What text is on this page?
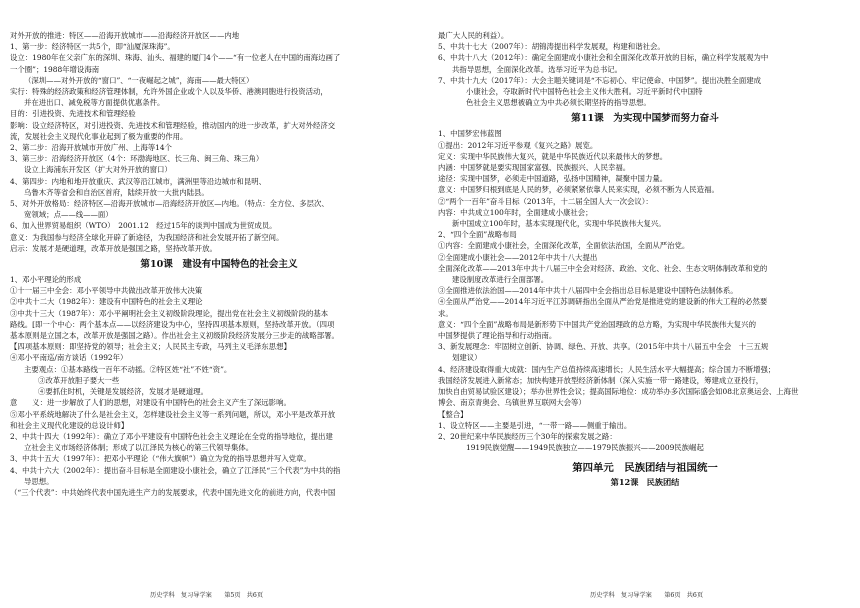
对外开放的推进：特区——沿海开放城市——沿海经济开放区——内地

1、第一步：经济特区一共5个，即“汕厦深珠海”。

设立：1980年在父亲广东的深圳、珠海、汕头、福建的厦门4个——“有一位老人在中国的南海边画了

一个圈”；1988年增设海南

（深圳——对外开放的“窗口”、“一夜崛起之城”，海南——最大特区）

实行：特殊的经济政策和经济管理体制，允许外国企业或个人以及华侨、港澳同胞进行投资活动，

并在进出口、减免税等方面提供优惠条件。

目的：引进投资、先进技术和管理经验

影响：设立经济特区，对引进投资、先进技术和管理经验，推动国内的进一步改革，扩大对外经济交

流，发展社会主义现代化事业起到了极为重要的作用。

2、第二步：沿海开放城市开放广州、上海等14个

3、第三步：沿海经济开放区（4个：环渤海地区、长三角、闽三角、珠三角）

设立上海浦东开发区（扩大对外开放的窗口）

4、第四步：内地和地开放重庆、武汉等沿江城市，满洲里等沿边城市和昆明、

乌鲁木齐等省会和自治区首府，陆续开放一大批内陆县。

5、对外开放格局：经济特区—沿海开放城市—沿海经济开放区—内地。（特点：全方位、多层次、

宽领域；点——线——面）

6、加入世界贸易组织（WTO）　2001.12　经过15年的谈判中国成为世贸成员。

意义：为我国参与经济全球化开辟了新途径，为我国经济和社会发展开拓了新空间。

启示：发展才是硬道理，改革开放是强国之路，坚持改革开放。

第10课　建设有中国特色的社会主义

1、邓小平理论的形成

①十一届三中全会：邓小平领导中共做出改革开放伟大决策

②中共十二大（1982年）：建设有中国特色的社会主义理论

③中共十三大（1987年）：邓小平阐明社会主义初级阶段理论，提出党在社会主义初级阶段的基本

路线。[即一个中心：两个基本点——以经济建设为中心，坚持四项基本原则，坚持改革开放。（四项

基本原则是立国之本，改革开放是强国之路）。作出社会主义初级阶段经济发展分三步走的战略部署。

【四项基本原则：即坚持党的领导；社会主义；人民民主专政，马列主义毛泽东思想】

④邓小平南巡/南方谈话（1992年）

主要观点：①基本路线一百年不动摇。②特区姓“社”不姓“资”。

③改革开放胆子要大一些

④要抓住时机，关键是发展经济，发展才是硬道理。

意　　义：进一步解放了人们的思想，对建设有中国特色的社会主义产生了深远影响。

⑤邓小平系统地解决了什么是社会主义，怎样建设社会主义等一系列问题，所以，邓小平是改革开放

和社会主义现代化建设的总设计师】

2、中共十四大（1992年）：确立了邓小平建设有中国特色社会主义理论在全党的指导地位，提出建

立社会主义市场经济体制；形成了以江泽民为核心的第三代领导集体。

3、中共十五大（1997年）：把邓小平理论（“伟大旗帜”）确立为党的指导思想并写入党章。

4、中共十六大（2002年）：提出奋斗目标是全面建设小康社会，确立了江泽民“三个代表”为中共的指

导思想。

（“三个代表”：中共始终代表中国先进生产力的发展要求，代表中国先进文化的前进方向，代表中国

最广大人民的利益）。

5、中共十七大（2007年）：胡锦涛提出科学发展观，构建和谐社会。

6、中共十八大（2012年）：确定全面建成小康社会和全面深化改革开放的目标，确立科学发展观为中

共指导思想，全面深化改革。选举习近平为总书记。

7、中共十九大（2017年）：大会主题关键词是“不忘初心、牢记使命、中国梦”。提出决胜全面建成

小康社会，夺取新时代中国特色社会主义伟大胜利。习近平新时代中国特

色社会主义思想被确立为中共必须长期坚持的指导思想。

第11课　为实现中国梦而努力奋斗

1、中国梦宏伟蓝图

①提出：2012年习近平参观《复兴之路》展览。

定义：实现中华民族伟大复兴，就是中华民族近代以来最伟大的梦想。

内涵：中国梦就是要实现国家富强、民族振兴、人民幸福。

途径：实现中国梦，必须走中国道路，弘扬中国精神，凝聚中国力量。

意义：中国梦归根到底是人民的梦，必须紧紧依靠人民来实现，必须不断为人民造福。

②“两个一百年”奋斗目标（2013年，十二届全国人大一次会议）：

内容：中共成立100年时，全面建成小康社会；

新中国成立100年时，基本实现现代化，实现中华民族伟大复兴。

2、“四个全面”战略布局

①内容：全面建成小康社会，全面深化改革，全面依法治国，全面从严治党。

②全面建成小康社会——2012年中共十八大提出

全面深化改革——2013年中共十八届三中全会对经济、政治、文化、社会、生态文明体制改革和党的

建设制度改革进行全面部署。

③全面推进依法治国——2014年中共十八届四中全会指出总目标是建设中国特色法制体系。

④全面从严治党——2014年习近平江苏调研指出全面从严治党是推进党的建设新的伟大工程的必然要

求。

意义：“四个全面”战略布局是新形势下中国共产党治国理政的总方略，为实现中华民族伟大复兴的

中国梦提供了理论指导和行动指南。

3、新发展理念：牢固树立创新、协调、绿色、开放、共享。（2015年中共十八届五中全会　十三五规

划建议）

4、经济建设取得重大成就：国内生产总值持续高速增长；人民生活水平大幅提高；综合国力不断增强；

我国经济发展进入新常态；加快构建开放型经济新体制（深入实施一带一路建设，筹建成立亚投行，

加快自由贸易试验区建设）；举办世界性会议；提高国际地位：成功举办多次国际盛会如08北京奥运会、上海世

博会、南京青奥会、乌镇世界互联网大会等）

【整合】

1、设立特区——主要是引进，“一带一路——侧重于输出。

2、20世纪来中华民族经历三个30年的探索发展之路：

1919民族觉醒——1949民族独立——1979民族振兴——2009民族崛起

第四单元　民族团结与祖国统一

第12课　民族团结

历史学科　复习导学案　　第5页　共6页	历史学科　复习导学案　　第6页　共6页
